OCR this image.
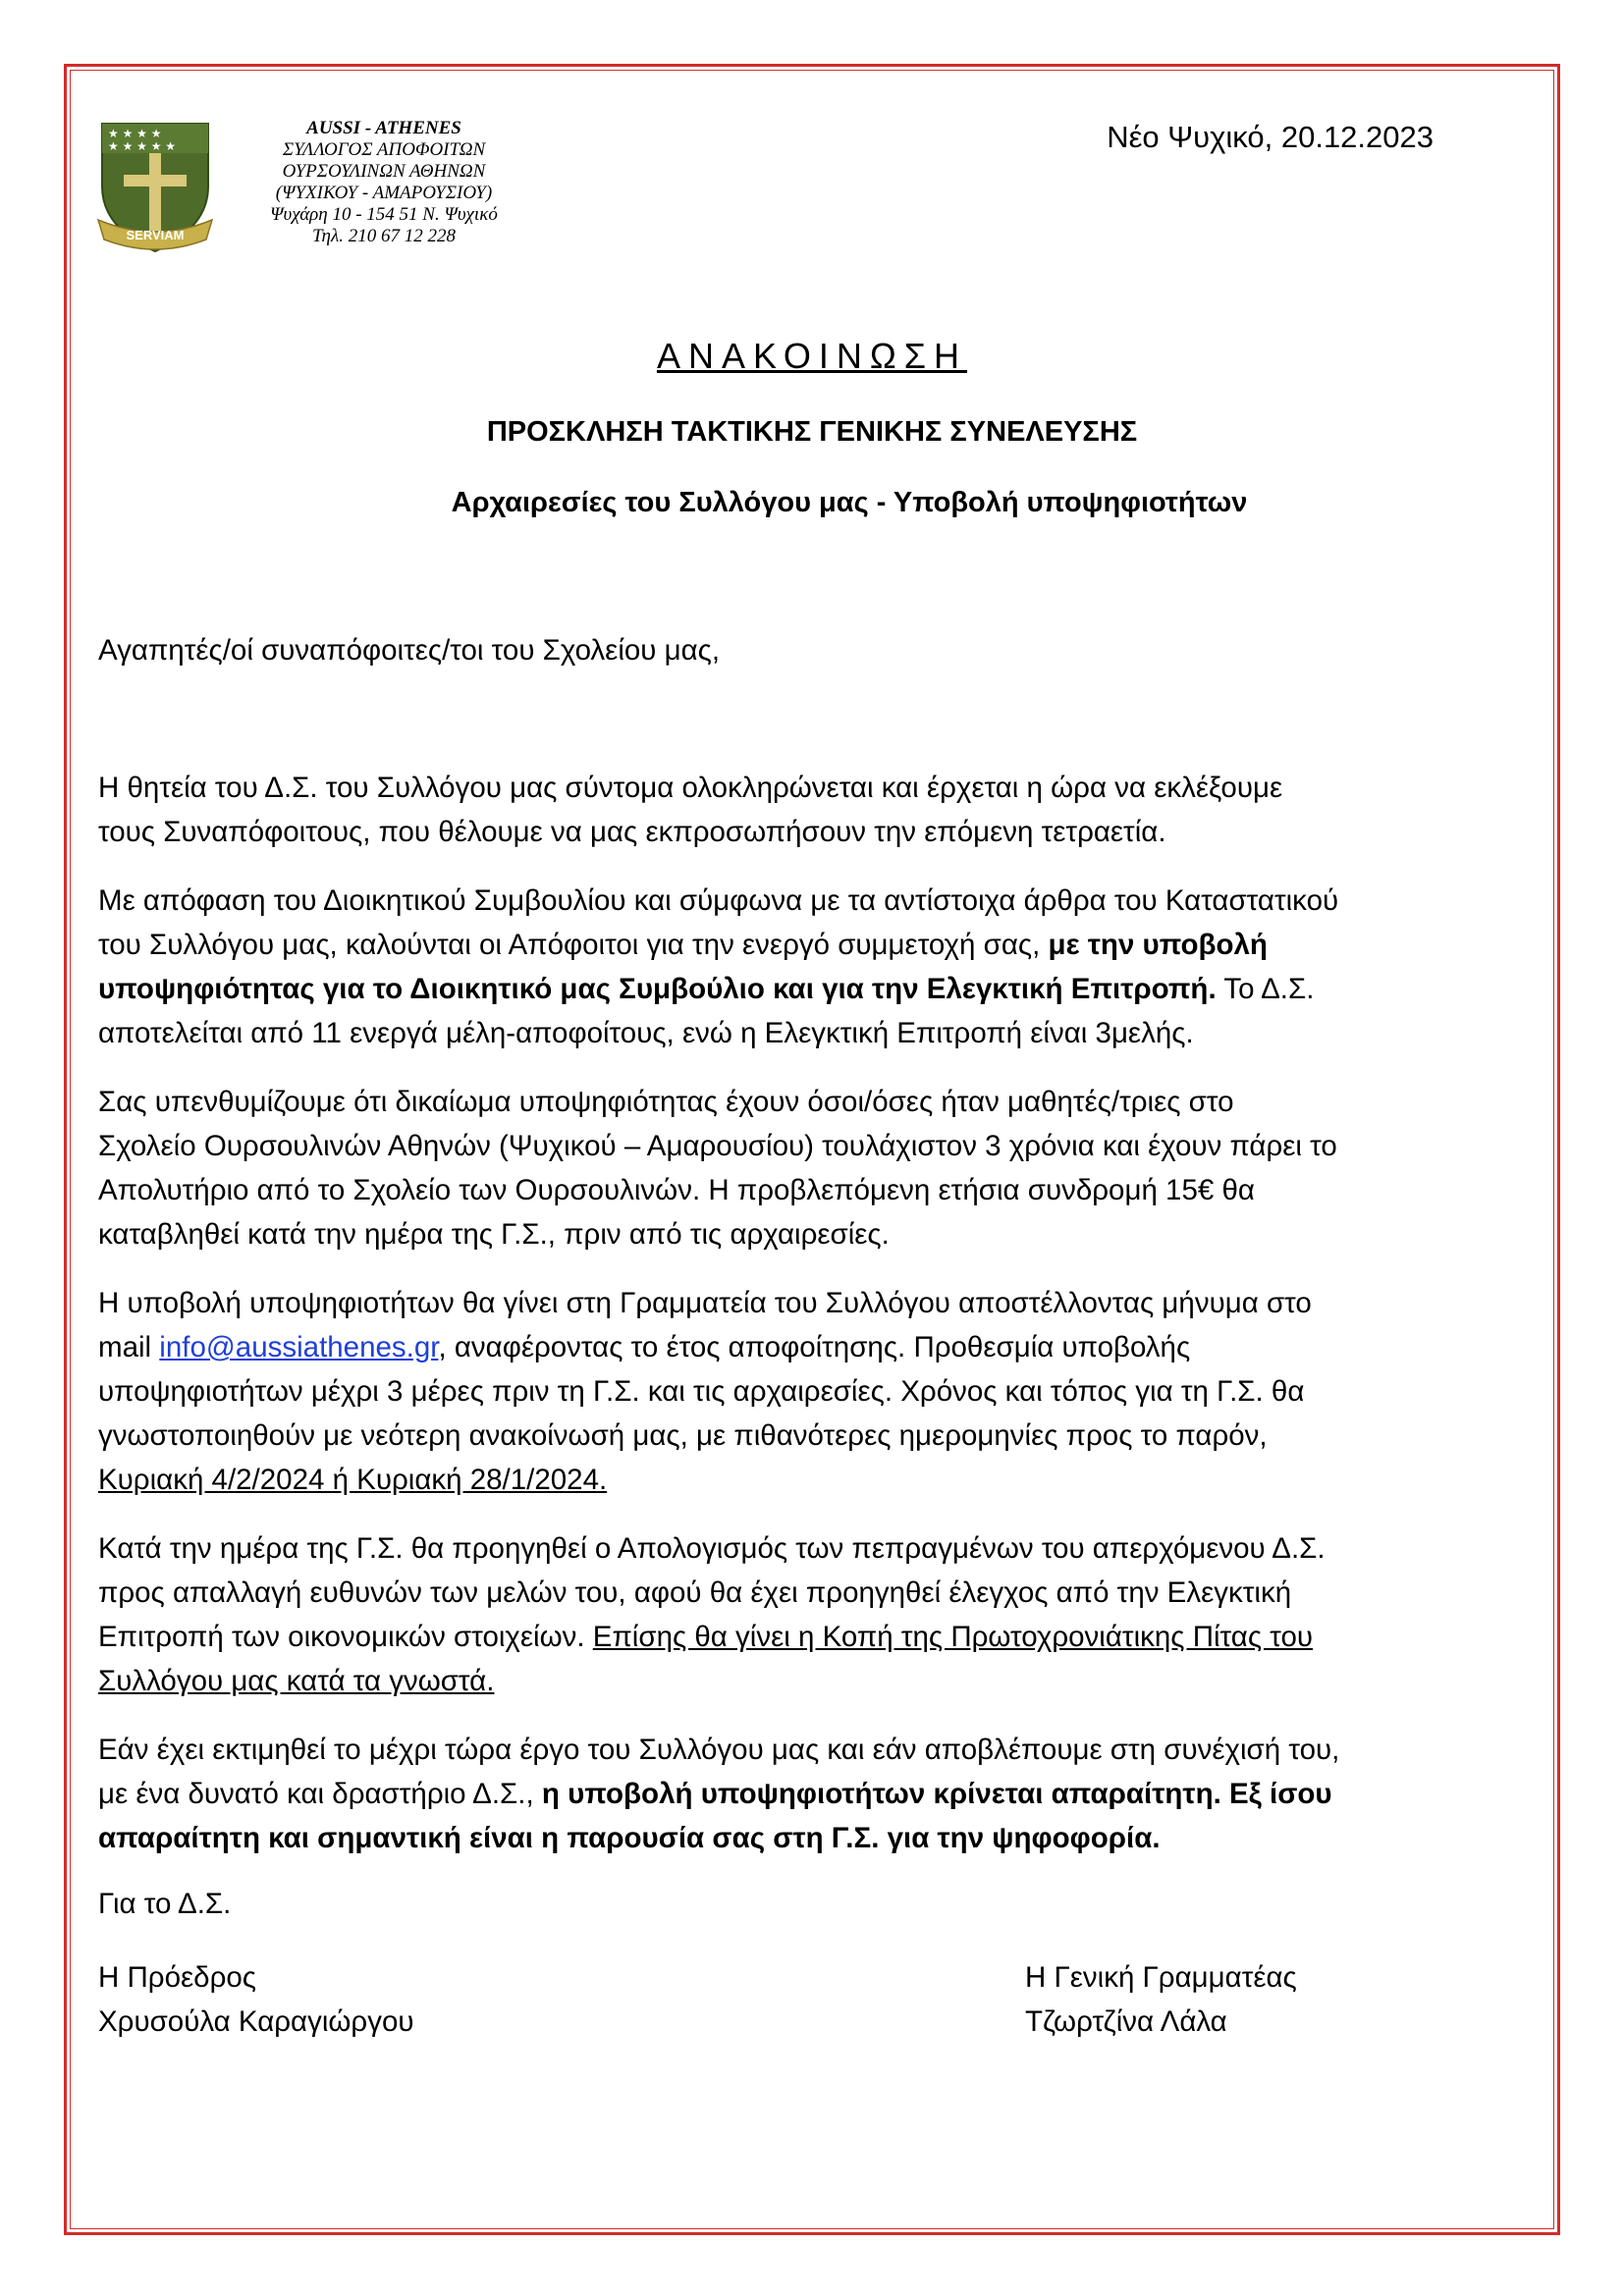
★ ★ ★ ★
★ ★ ★ ★ ★
SERVIAM
AUSSI - ATHENES
ΣΥΛΛΟΓΟΣ ΑΠΟΦΟΙΤΩΝ
ΟΥΡΣΟΥΛΙΝΩΝ ΑΘΗΝΩΝ
(ΨΥΧΙΚΟΥ - ΑΜΑΡΟΥΣΙΟΥ)
Ψυχάρη 10 - 154 51 Ν. Ψυχικό
Τηλ. 210 67 12 228
Νέο Ψυχικό, 20.12.2023
ΑΝΑΚΟΙΝΩΣΗ
ΠΡΟΣΚΛΗΣΗ ΤΑΚΤΙΚΗΣ ΓΕΝΙΚΗΣ ΣΥΝΕΛΕΥΣΗΣ
Αρχαιρεσίες του Συλλόγου μας - Υποβολή υποψηφιοτήτων
Αγαπητές/οί συναπόφοιτες/τοι του Σχολείου μας,
Η θητεία του Δ.Σ. του Συλλόγου μας σύντομα ολοκληρώνεται και έρχεται η ώρα να εκλέξουμε
τους Συναπόφοιτους, που θέλουμε να μας εκπροσωπήσουν την επόμενη τετραετία.
Με απόφαση του Διοικητικού Συμβουλίου και σύμφωνα με τα αντίστοιχα άρθρα του Καταστατικού
του Συλλόγου μας, καλούνται οι Απόφοιτοι για την ενεργό συμμετοχή σας, με την υποβολή
υποψηφιότητας για το Διοικητικό μας Συμβούλιο και για την Ελεγκτική Επιτροπή. Το Δ.Σ.
αποτελείται από 11 ενεργά μέλη-αποφοίτους, ενώ η Ελεγκτική Επιτροπή είναι 3μελής.
Σας υπενθυμίζουμε ότι δικαίωμα υποψηφιότητας έχουν όσοι/όσες ήταν μαθητές/τριες στο
Σχολείο Ουρσουλινών Αθηνών (Ψυχικού – Αμαρουσίου) τουλάχιστον 3 χρόνια και έχουν πάρει το
Απολυτήριο από το Σχολείο των Ουρσουλινών. Η προβλεπόμενη ετήσια συνδρομή 15€ θα
καταβληθεί κατά την ημέρα της Γ.Σ., πριν από τις αρχαιρεσίες.
Η υποβολή υποψηφιοτήτων θα γίνει στη Γραμματεία του Συλλόγου αποστέλλοντας μήνυμα στο
mail info@aussiathenes.gr, αναφέροντας το έτος αποφοίτησης. Προθεσμία υποβολής
υποψηφιοτήτων μέχρι 3 μέρες πριν τη Γ.Σ. και τις αρχαιρεσίες. Χρόνος και τόπος για τη Γ.Σ. θα
γνωστοποιηθούν με νεότερη ανακοίνωσή μας, με πιθανότερες ημερομηνίες προς το παρόν,
Κυριακή 4/2/2024 ή Κυριακή 28/1/2024.
Κατά την ημέρα της Γ.Σ. θα προηγηθεί ο Απολογισμός των πεπραγμένων του απερχόμενου Δ.Σ.
προς απαλλαγή ευθυνών των μελών του, αφού θα έχει προηγηθεί έλεγχος από την Ελεγκτική
Επιτροπή των οικονομικών στοιχείων. Επίσης θα γίνει η Κοπή της Πρωτοχρονιάτικης Πίτας του
Συλλόγου μας κατά τα γνωστά.
Εάν έχει εκτιμηθεί το μέχρι τώρα έργο του Συλλόγου μας και εάν αποβλέπουμε στη συνέχισή του,
με ένα δυνατό και δραστήριο Δ.Σ., η υποβολή υποψηφιοτήτων κρίνεται απαραίτητη. Εξ ίσου
απαραίτητη και σημαντική είναι η παρουσία σας στη Γ.Σ. για την ψηφοφορία.
Για το Δ.Σ.
Η Πρόεδρος
Χρυσούλα Καραγιώργου
Η Γενική Γραμματέας
Τζωρτζίνα Λάλα
